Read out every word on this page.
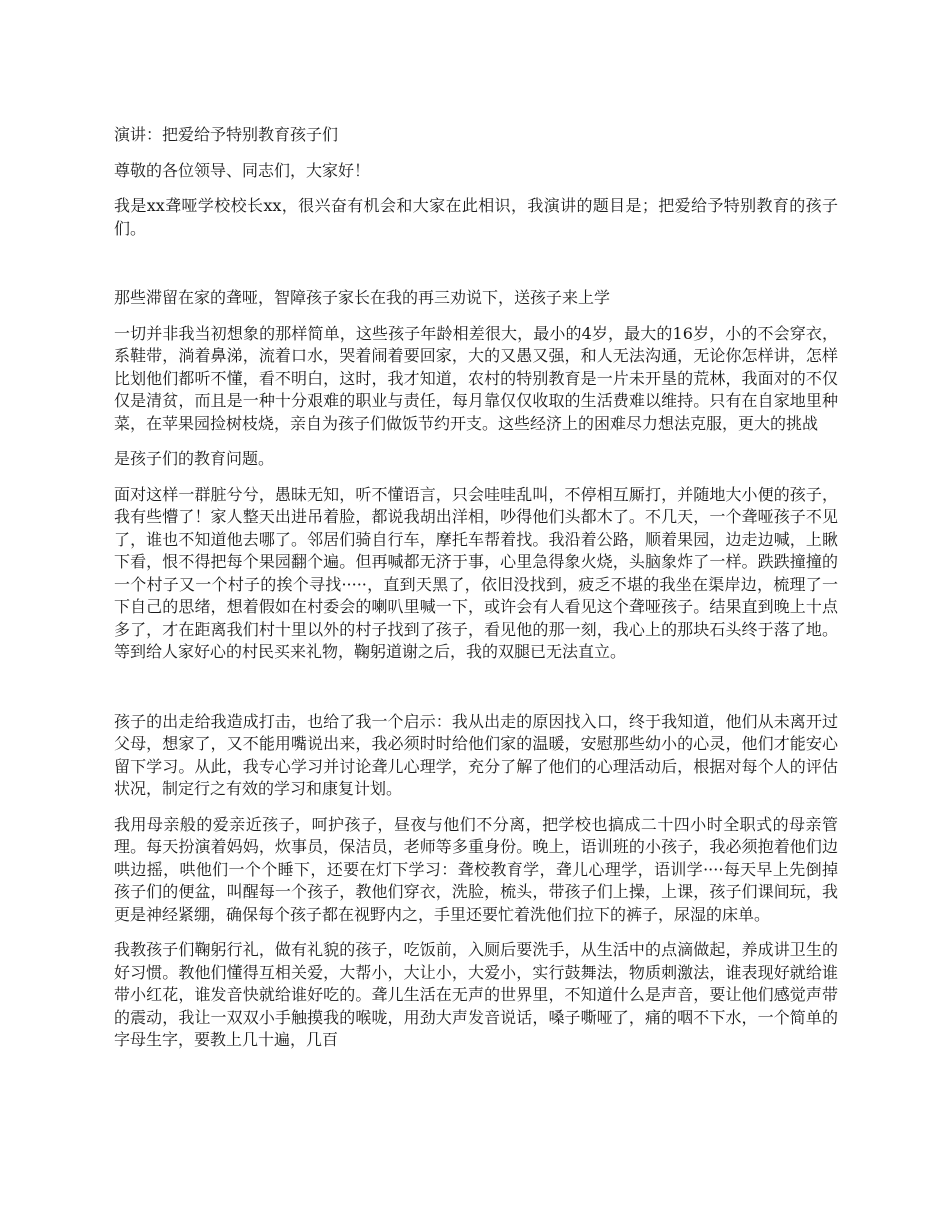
演讲：把爱给予特别教育孩子们

尊敬的各位领导、同志们，大家好！

我是xx聋哑学校校长xx，很兴奋有机会和大家在此相识，我演讲的题目是；把爱给予特别教育的孩子们。

那些滞留在家的聋哑，智障孩子家长在我的再三劝说下，送孩子来上学

一切并非我当初想象的那样简单，这些孩子年龄相差很大，最小的4岁，最大的16岁，小的不会穿衣，系鞋带，淌着鼻涕，流着口水，哭着闹着要回家，大的又愚又强，和人无法沟通，无论你怎样讲，怎样比划他们都听不懂，看不明白，这时，我才知道，农村的特别教育是一片未开垦的荒林，我面对的不仅仅是清贫，而且是一种十分艰难的职业与责任，每月靠仅仅收取的生活费难以维持。只有在自家地里种菜，在苹果园捡树枝烧，亲自为孩子们做饭节约开支。这些经济上的困难尽力想法克服，更大的挑战

是孩子们的教育问题。

面对这样一群脏兮兮，愚昧无知，听不懂语言，只会哇哇乱叫，不停相互厮打，并随地大小便的孩子，我有些懵了！家人整天出进吊着脸，都说我胡出洋相，吵得他们头都木了。不几天，一个聋哑孩子不见了，谁也不知道他去哪了。邻居们骑自行车，摩托车帮着找。我沿着公路，顺着果园，边走边喊，上瞅下看，恨不得把每个果园翻个遍。但再喊都无济于事，心里急得象火烧，头脑象炸了一样。跌跌撞撞的一个村子又一个村子的挨个寻找·····，直到天黑了，依旧没找到，疲乏不堪的我坐在渠岸边，梳理了一下自己的思绪，想着假如在村委会的喇叭里喊一下，或许会有人看见这个聋哑孩子。结果直到晚上十点多了，才在距离我们村十里以外的村子找到了孩子，看见他的那一刻，我心上的那块石头终于落了地。等到给人家好心的村民买来礼物，鞠躬道谢之后，我的双腿已无法直立。

孩子的出走给我造成打击，也给了我一个启示：我从出走的原因找入口，终于我知道，他们从未离开过父母，想家了，又不能用嘴说出来，我必须时时给他们家的温暖，安慰那些幼小的心灵，他们才能安心留下学习。从此，我专心学习并讨论聋儿心理学，充分了解了他们的心理活动后，根据对每个人的评估状况，制定行之有效的学习和康复计划。

我用母亲般的爱亲近孩子，呵护孩子，昼夜与他们不分离，把学校也搞成二十四小时全职式的母亲管理。每天扮演着妈妈，炊事员，保洁员，老师等多重身份。晚上，语训班的小孩子，我必须抱着他们边哄边摇，哄他们一个个睡下，还要在灯下学习：聋校教育学，聋儿心理学，语训学····每天早上先倒掉孩子们的便盆，叫醒每一个孩子，教他们穿衣，洗脸，梳头，带孩子们上操，上课，孩子们课间玩，我更是神经紧绷，确保每个孩子都在视野内之，手里还要忙着洗他们拉下的裤子，尿湿的床单。

我教孩子们鞠躬行礼，做有礼貌的孩子，吃饭前，入厕后要洗手，从生活中的点滴做起，养成讲卫生的好习惯。教他们懂得互相关爱，大帮小，大让小，大爱小，实行鼓舞法，物质刺激法，谁表现好就给谁带小红花，谁发音快就给谁好吃的。聋儿生活在无声的世界里，不知道什么是声音，要让他们感觉声带的震动，我让一双双小手触摸我的喉咙，用劲大声发音说话，嗓子嘶哑了，痛的咽不下水，一个简单的字母生字，要教上几十遍，几百
